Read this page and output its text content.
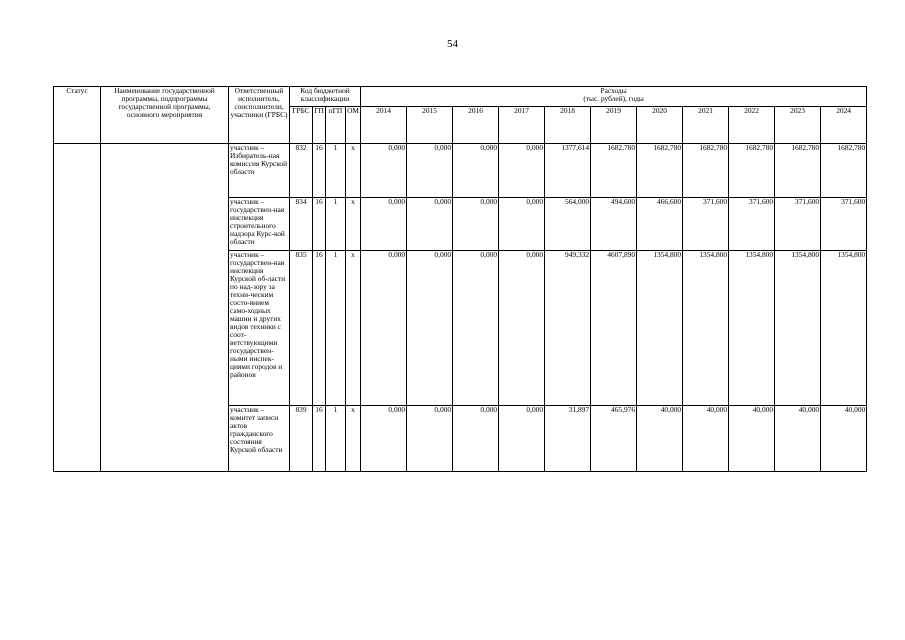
54
Статус	Наименование государственной программы, подпрограммы государственной программы, основного мероприятия	Ответственный исполнитель, соисполнители, участники (ГРБС)	Код бюджетной классификации				Расходы
(тыс. рублей), годы										

			ГРБС	ГП	пГП	ОМ	2014	2015	2016	2017	2018	2019	2020	2021	2022	2023	2024
		участник – Избиратель-ная комиссия Курской области	832	16	1	x	0,000	0,000	0,000	0,000	1377,614	1682,780	1682,780	1682,780	1682,780	1682,780	1682,780
		участник – государствен-ная инспекция строительного надзора Курс-кой области	834	16	1	x	0,000	0,000	0,000	0,000	564,000	494,600	466,600	371,600	371,600	371,600	371,600
		участник – государствен-ная инспекция Курской об-ласти по над-зору за техни-ческим состо-янием само-ходных машин и других видов техники с соот-ветствующими государствен-ными инспек-циями городов и районов	835	16	1	x	0,000	0,000	0,000	0,000	949,332	4607,890	1354,800	1354,800	1354,800	1354,800	1354,800
		участник – комитет записи актов гражданского состояния Курской области	839	16	1	x	0,000	0,000	0,000	0,000	31,897	465,976	40,000	40,000	40,000	40,000	40,000
